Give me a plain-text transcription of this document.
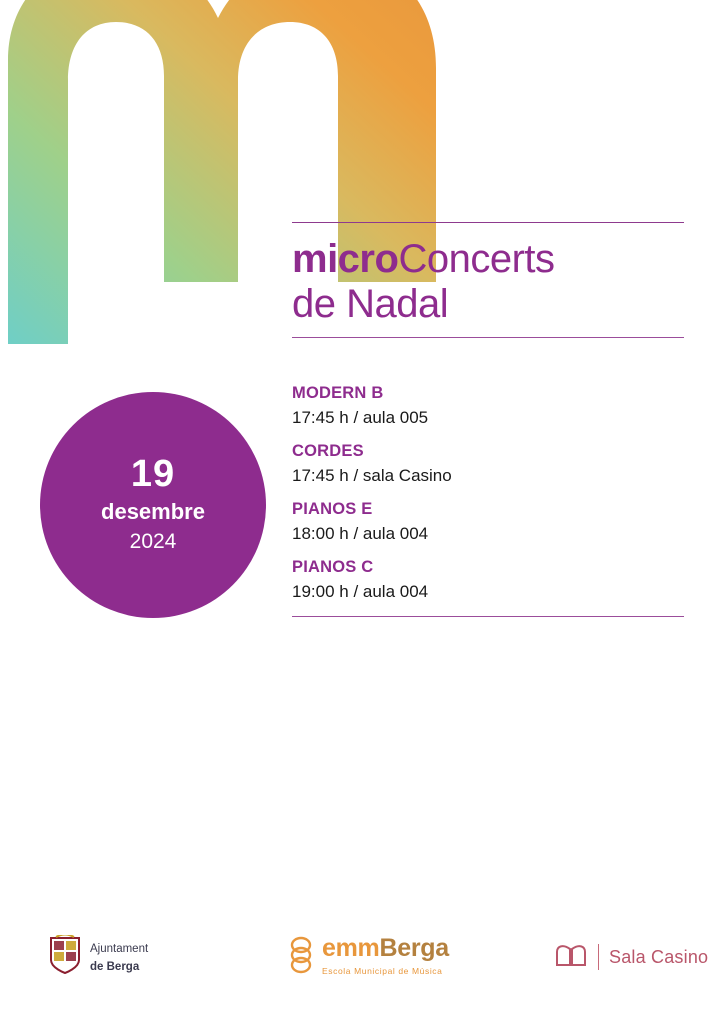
microConcerts
de Nadal

MODERN B

17:45 h / aula 005

CORDES

17:45 h / sala Casino

PIANOS E

18:00 h / aula 004

PIANOS C

19:00 h / aula 004

19
desembre
2024
Ajuntament
de Berga
emmBerga
Escola Municipal de Música
Sala Casino
